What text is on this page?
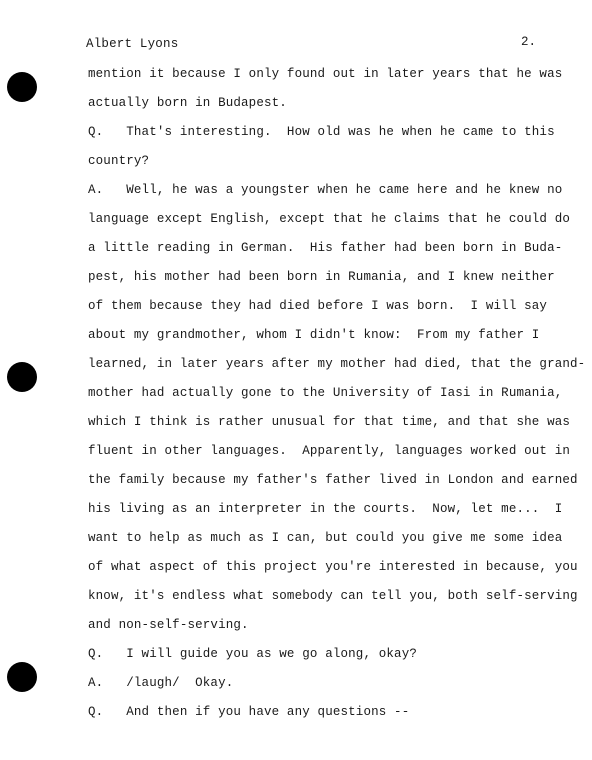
Albert Lyons	2.
mention it because I only found out in later years that he was
actually born in Budapest.
Q.   That's interesting.  How old was he when he came to this
country?
A.   Well, he was a youngster when he came here and he knew no
language except English, except that he claims that he could do
a little reading in German.  His father had been born in Buda-
pest, his mother had been born in Rumania, and I knew neither
of them because they had died before I was born.  I will say
about my grandmother, whom I didn't know:  From my father I
learned, in later years after my mother had died, that the grand-
mother had actually gone to the University of Iasi in Rumania,
which I think is rather unusual for that time, and that she was
fluent in other languages.  Apparently, languages worked out in
the family because my father's father lived in London and earned
his living as an interpreter in the courts.  Now, let me...  I
want to help as much as I can, but could you give me some idea
of what aspect of this project you're interested in because, you
know, it's endless what somebody can tell you, both self-serving
and non-self-serving.
Q.   I will guide you as we go along, okay?
A.   /laugh/  Okay.
Q.   And then if you have any questions --
